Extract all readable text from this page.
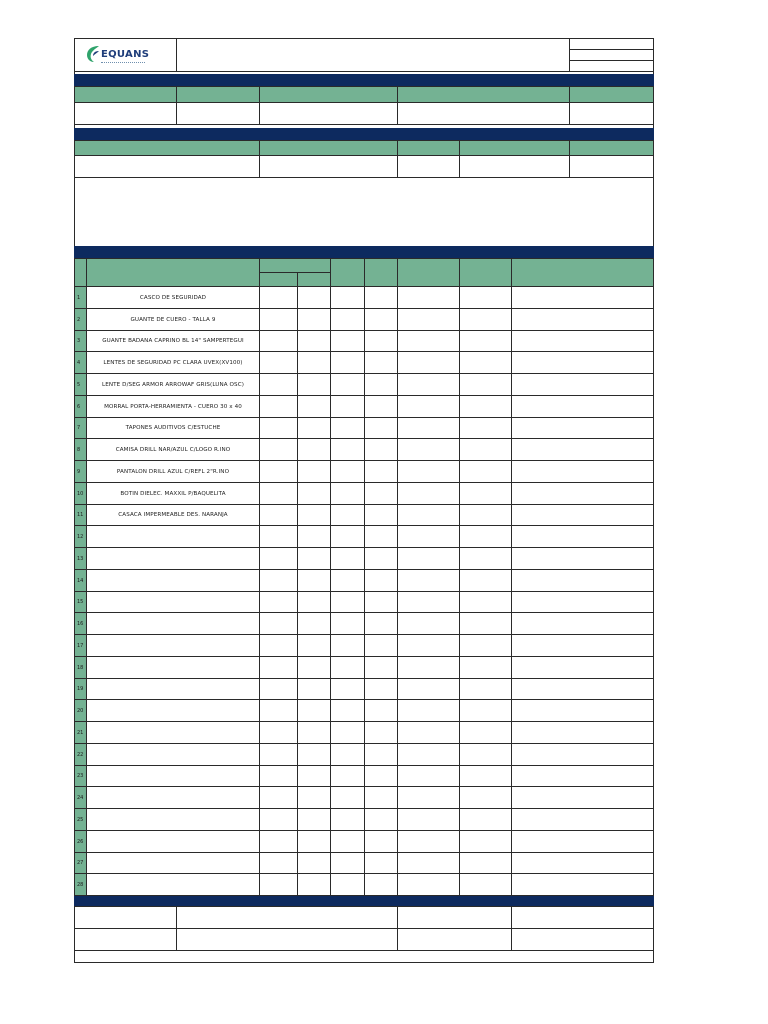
EQUANS
1	CASCO DE SEGURIDAD
2	GUANTE DE CUERO - TALLA 9
3	GUANTE BADANA CAPRINO BL 14" SAMPERTEGUI
4	LENTES DE SEGURIDAD PC CLARA UVEX(XV100)
5	LENTE D/SEG ARMOR ARROWAF GRIS(LUNA OSC)
6	MORRAL PORTA-HERRAMIENTA - CUERO 30 x 40
7	TAPONES AUDITIVOS C/ESTUCHE
8	CAMISA DRILL NAR/AZUL C/LOGO R.INO
9	PANTALON DRILL AZUL C/REFL 2"R.INO
10	BOTIN DIELEC. MAXXIL P/BAQUELITA
11	CASACA IMPERMEABLE DES. NARANJA
12
13
14
15
16
17
18
19
20
21
22
23
24
25
26
27
28
